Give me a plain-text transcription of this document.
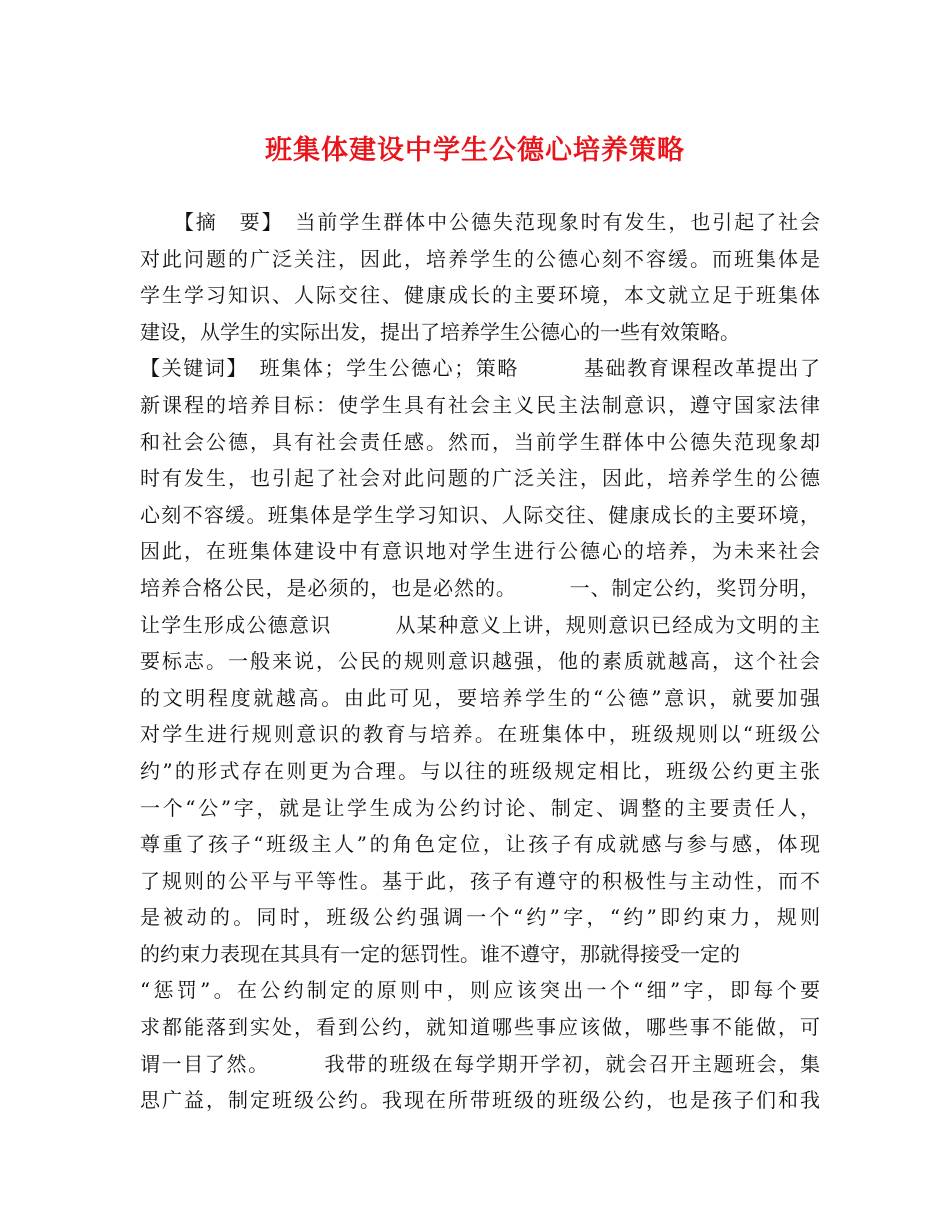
班集体建设中学生公德心培养策略
　　【摘　要】　当前学生群体中公德失范现象时有发生，也引起了社会
对此问题的广泛关注，因此，培养学生的公德心刻不容缓。而班集体是
学生学习知识、人际交往、健康成长的主要环境，本文就立足于班集体
建设，从学生的实际出发，提出了培养学生公德心的一些有效策略。
【关键词】　班集体；学生公德心；策略　　　基础教育课程改革提出了
新课程的培养目标：使学生具有社会主义民主法制意识，遵守国家法律
和社会公德，具有社会责任感。然而，当前学生群体中公德失范现象却
时有发生，也引起了社会对此问题的广泛关注，因此，培养学生的公德
心刻不容缓。班集体是学生学习知识、人际交往、健康成长的主要环境，
因此，在班集体建设中有意识地对学生进行公德心的培养，为未来社会
培养合格公民，是必须的，也是必然的。　　　一、制定公约，奖罚分明，
让学生形成公德意识　　　从某种意义上讲，规则意识已经成为文明的主
要标志。一般来说，公民的规则意识越强，他的素质就越高，这个社会
的文明程度就越高。由此可见，要培养学生的“公德”意识，就要加强
对学生进行规则意识的教育与培养。在班集体中，班级规则以“班级公
约”的形式存在则更为合理。与以往的班级规定相比，班级公约更主张
一个“公”字，就是让学生成为公约讨论、制定、调整的主要责任人，
尊重了孩子“班级主人”的角色定位，让孩子有成就感与参与感，体现
了规则的公平与平等性。基于此，孩子有遵守的积极性与主动性，而不
是被动的。同时，班级公约强调一个“约”字，“约”即约束力，规则
的约束力表现在其具有一定的惩罚性。谁不遵守，那就得接受一定的
“惩罚”。在公约制定的原则中，则应该突出一个“细”字，即每个要
求都能落到实处，看到公约，就知道哪些事应该做，哪些事不能做，可
谓一目了然。　　　我带的班级在每学期开学初，就会召开主题班会，集
思广益，制定班级公约。我现在所带班级的班级公约，也是孩子们和我
